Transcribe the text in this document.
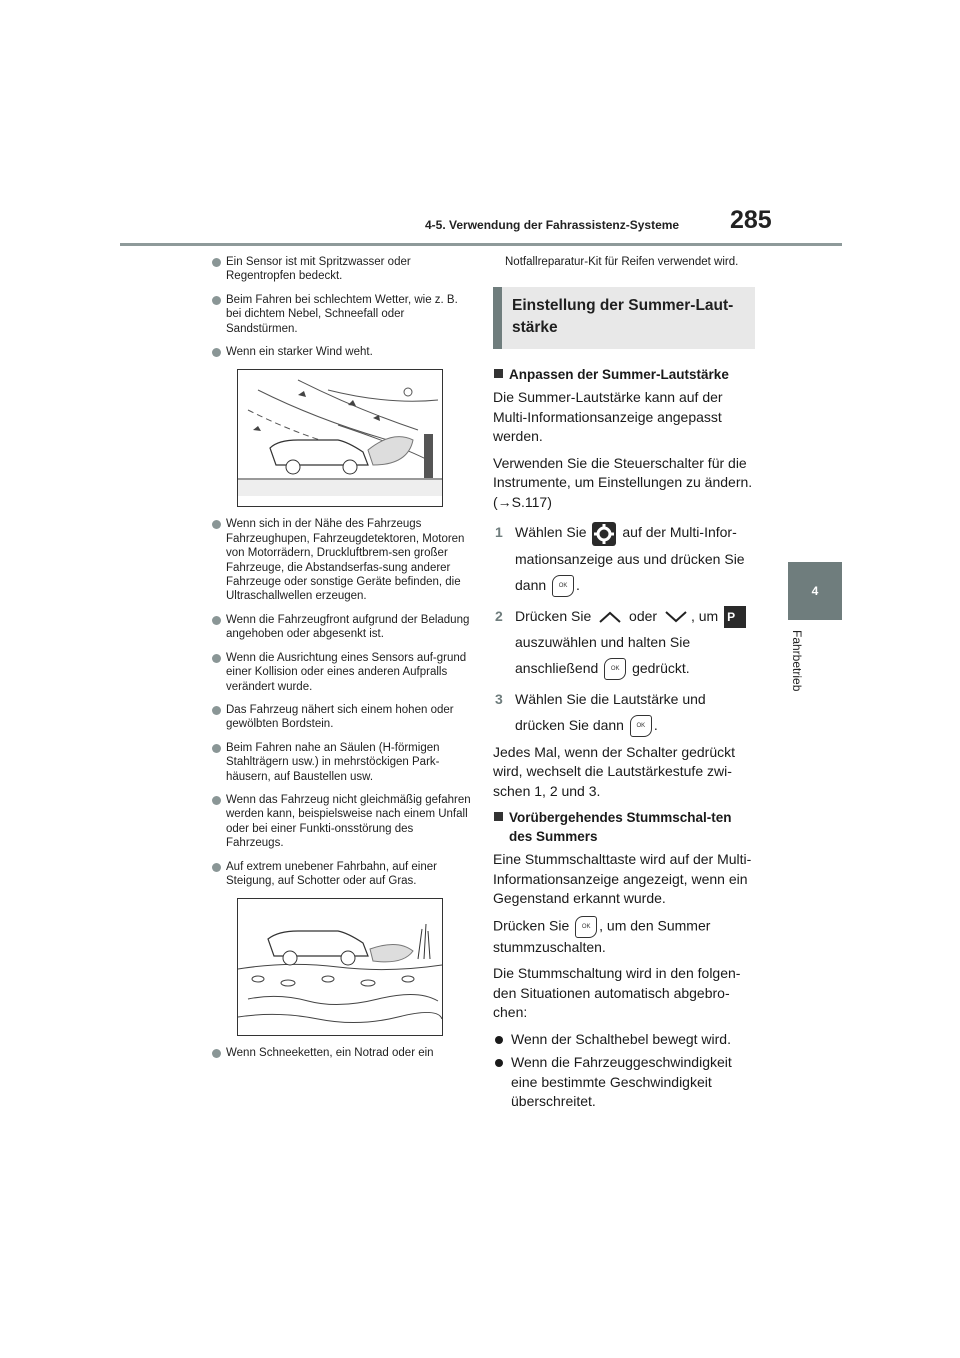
4-5. Verwendung der Fahrassistenz-Systeme 285
4
Fahrbetrieb
Ein Sensor ist mit Spritzwasser oder Regentropfen bedeckt.
Beim Fahren bei schlechtem Wetter, wie z. B. bei dichtem Nebel, Schneefall oder Sandstürmen.
Wenn ein starker Wind weht.
Wenn sich in der Nähe des Fahrzeugs Fahrzeughupen, Fahrzeugdetektoren, Motoren von Motorrädern, Druckluftbrem-sen großer Fahrzeuge, die Abstandserfas-sung anderer Fahrzeuge oder sonstige Geräte befinden, die Ultraschallwellen erzeugen.
Wenn die Fahrzeugfront aufgrund der Beladung angehoben oder abgesenkt ist.
Wenn die Ausrichtung eines Sensors auf-grund einer Kollision oder eines anderen Aufpralls verändert wurde.
Das Fahrzeug nähert sich einem hohen oder gewölbten Bordstein.
Beim Fahren nahe an Säulen (H-förmigen Stahlträgern usw.) in mehrstöckigen Park-häusern, auf Baustellen usw.
Wenn das Fahrzeug nicht gleichmäßig gefahren werden kann, beispielsweise nach einem Unfall oder bei einer Funkti-onsstörung des Fahrzeugs.
Auf extrem unebener Fahrbahn, auf einer Steigung, auf Schotter oder auf Gras.
Wenn Schneeketten, ein Notrad oder ein
Notfallreparatur-Kit für Reifen verwendet wird.
Einstellung der Summer-Laut-stärke
Anpassen der Summer-Lautstärke

Die Summer-Lautstärke kann auf der Multi-Informationsanzeige angepasst werden.

Verwenden Sie die Steuerschalter für die Instrumente, um Einstellungen zu ändern. (→S.117)

1 Wählen Sie	auf der Multi-Infor-mationsanzeige aus und drücken Sie dann OK .
2 Drücken Sie	oder , um P auszuwählen und halten Sie anschließend OK gedrückt.
3 Wählen Sie die Lautstärke und drücken Sie dann OK .

Jedes Mal, wenn der Schalter gedrückt wird, wechselt die Lautstärkestufe zwi-schen 1, 2 und 3.

Vorübergehendes Stummschal-ten des Summers

Eine Stummschalttaste wird auf der Multi-Informationsanzeige angezeigt, wenn ein Gegenstand erkannt wurde.

Drücken Sie OK , um den Summer stummzuschalten.

Die Stummschaltung wird in den folgen-den Situationen automatisch abgebro-chen:

Wenn der Schalthebel bewegt wird.
Wenn die Fahrzeuggeschwindigkeit eine bestimmte Geschwindigkeit überschreitet.
